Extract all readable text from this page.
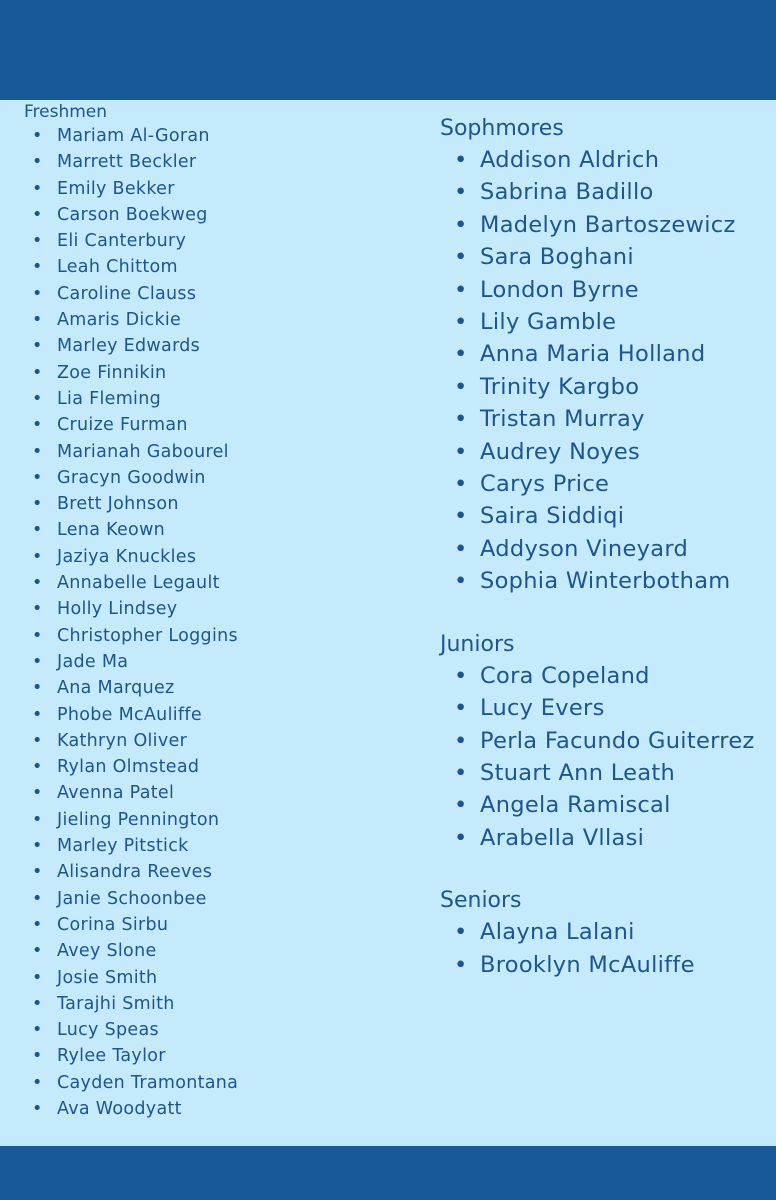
Freshmen
• Mariam Al-Goran
• Marrett Beckler
• Emily Bekker
• Carson Boekweg
• Eli Canterbury
• Leah Chittom
• Caroline Clauss
• Amaris Dickie
• Marley Edwards
• Zoe Finnikin
• Lia Fleming
• Cruize Furman
• Marianah Gabourel
• Gracyn Goodwin
• Brett Johnson
• Lena Keown
• Jaziya Knuckles
• Annabelle Legault
• Holly Lindsey
• Christopher Loggins
• Jade Ma
• Ana Marquez
• Phobe McAuliffe
• Kathryn Oliver
• Rylan Olmstead
• Avenna Patel
• Jieling Pennington
• Marley Pitstick
• Alisandra Reeves
• Janie Schoonbee
• Corina Sirbu
• Avey Slone
• Josie Smith
• Tarajhi Smith
• Lucy Speas
• Rylee Taylor
• Cayden Tramontana
• Ava Woodyatt
Sophmores
• Addison Aldrich
• Sabrina Badillo
• Madelyn Bartoszewicz
• Sara Boghani
• London Byrne
• Lily Gamble
• Anna Maria Holland
• Trinity Kargbo
• Tristan Murray
• Audrey Noyes
• Carys Price
• Saira Siddiqi
• Addyson Vineyard
• Sophia Winterbotham
Juniors
• Cora Copeland
• Lucy Evers
• Perla Facundo Guiterrez
• Stuart Ann Leath
• Angela Ramiscal
• Arabella Vllasi
Seniors
• Alayna Lalani
• Brooklyn McAuliffe
